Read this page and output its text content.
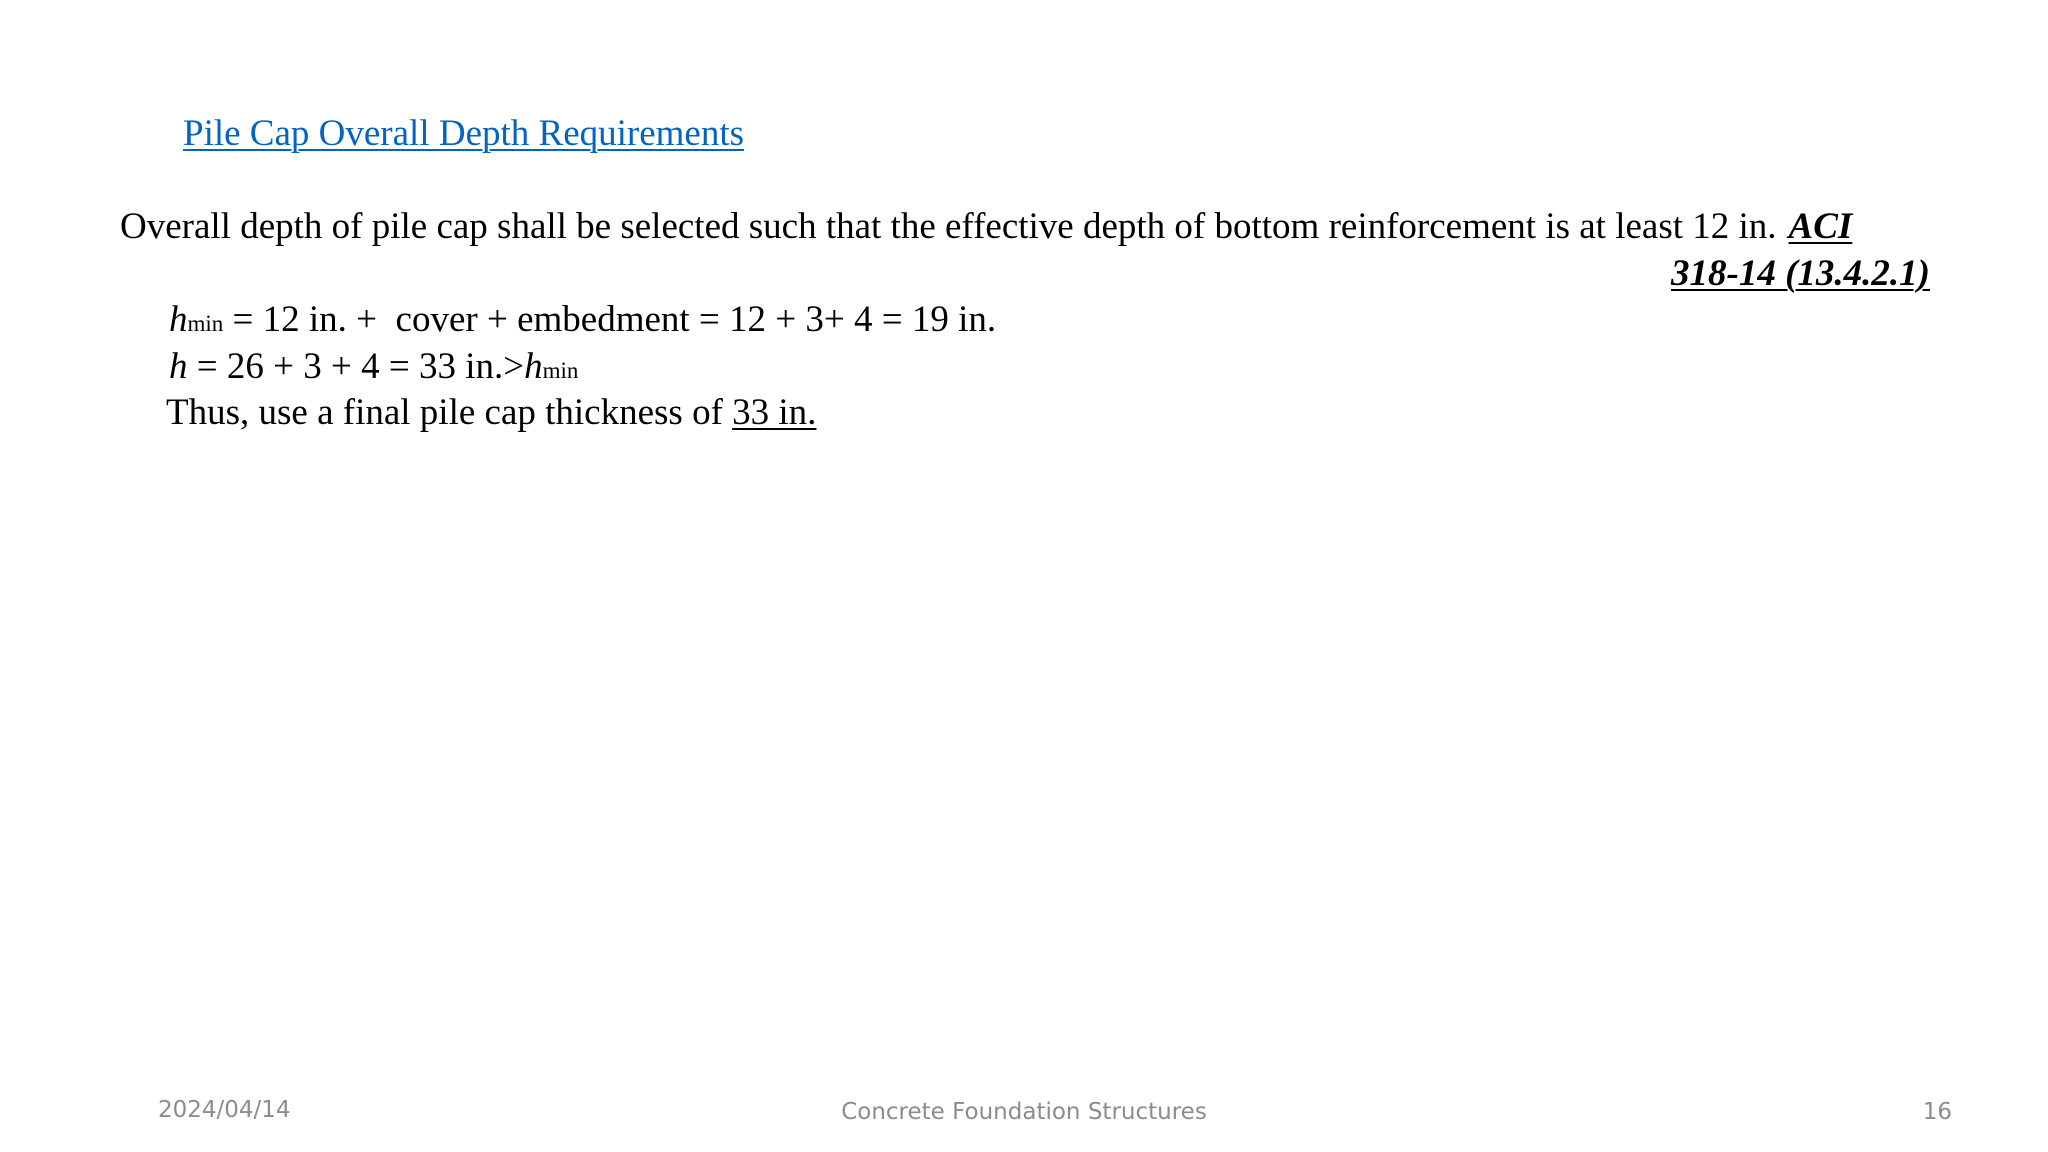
Pile Cap Overall Depth Requirements
Overall depth of pile cap shall be selected such that the effective depth of bottom reinforcement is at least 12 in. ACI
318-14 (13.4.2.1)
hmin = 12 in. +  cover + embedment = 12 + 3+ 4 = 19 in.
h = 26 + 3 + 4 = 33 in.>hmin
Thus, use a final pile cap thickness of 33 in.
2024/04/14	Concrete Foundation Structures	16
